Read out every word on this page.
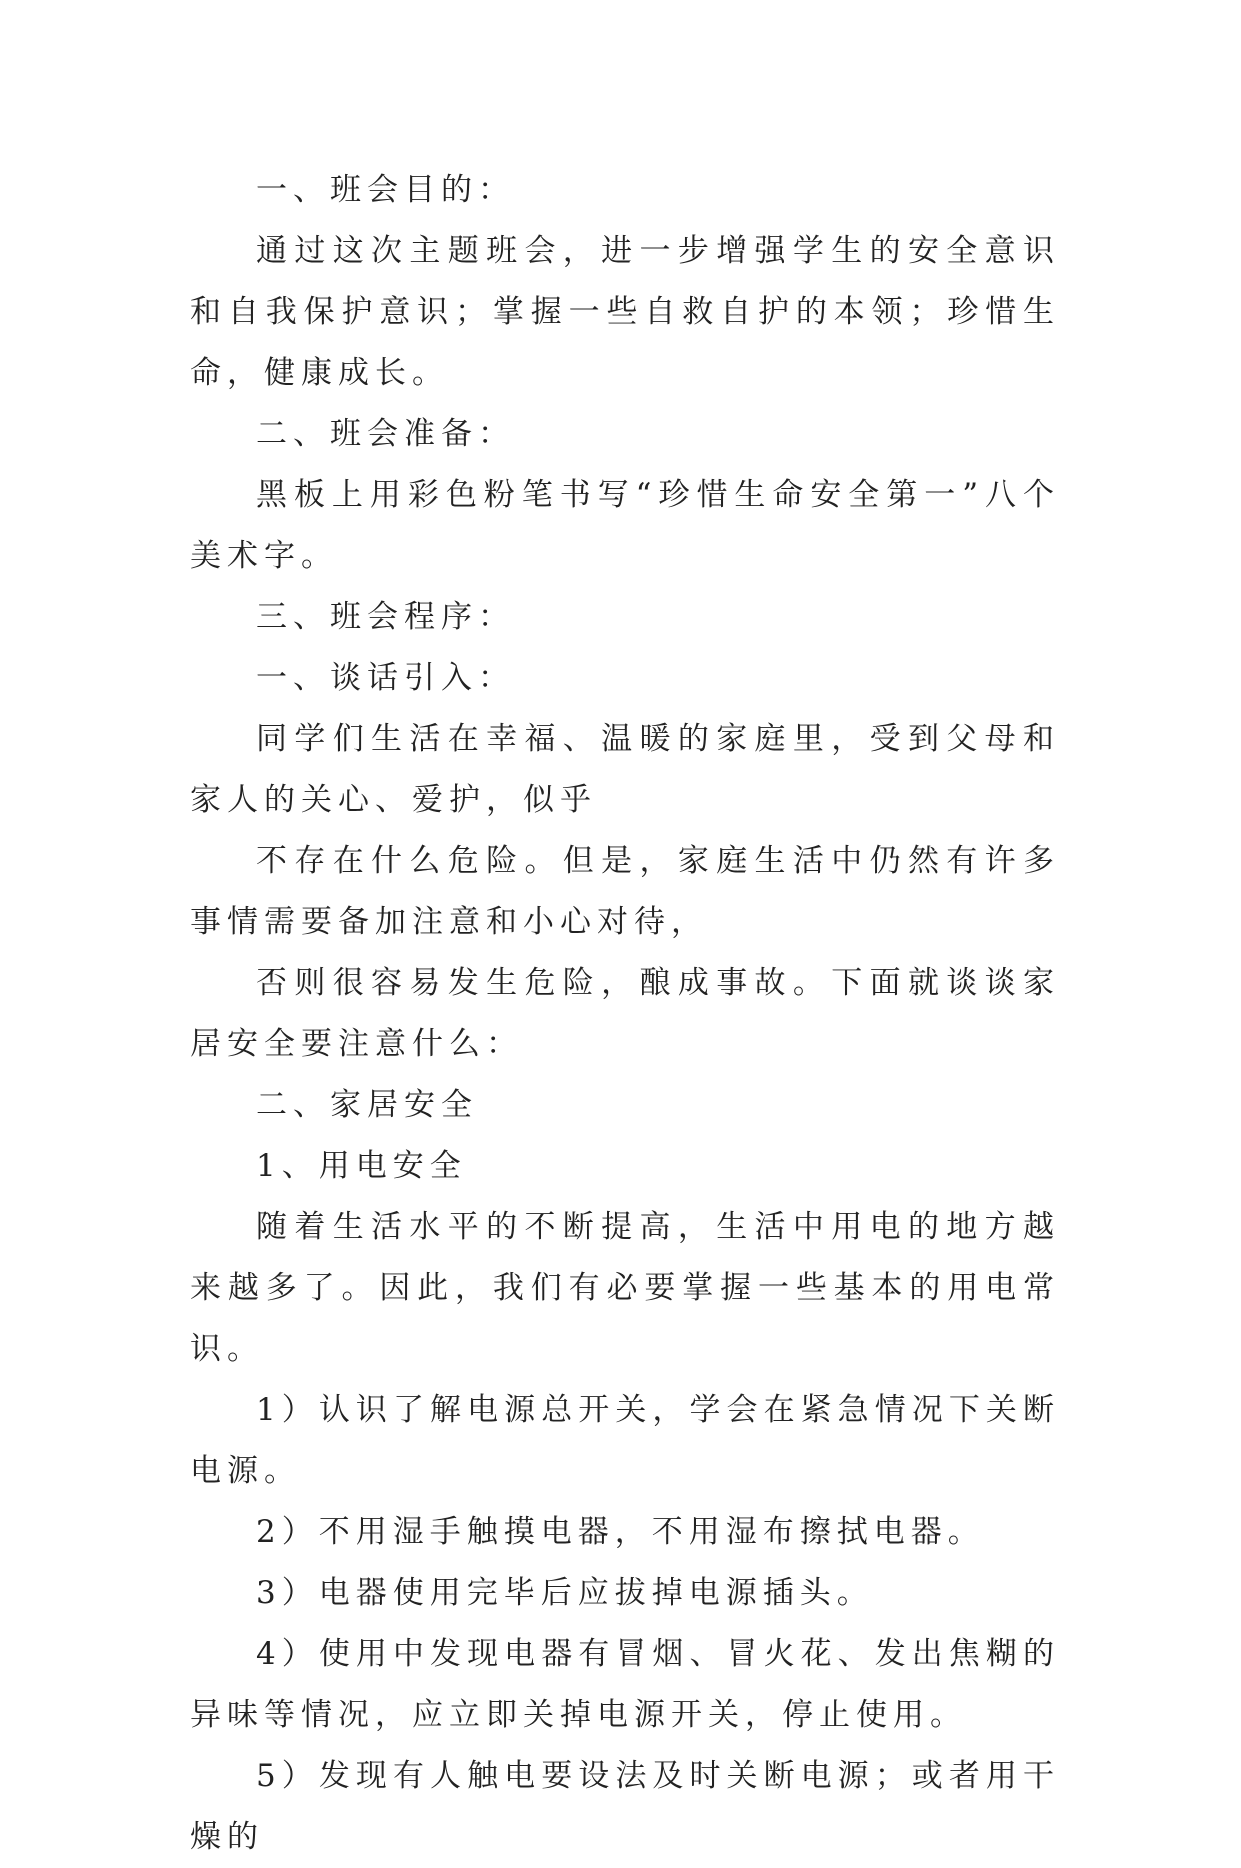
一、班会目的：

通过这次主题班会，进一步增强学生的安全意识和自我保护意识；掌握一些自救自护的本领；珍惜生命，健康成长。

二、班会准备：

黑板上用彩色粉笔书写“珍惜生命安全第一”八个美术字。

三、班会程序：

一、谈话引入：

同学们生活在幸福、温暖的家庭里，受到父母和家人的关心、爱护，似乎

不存在什么危险。但是，家庭生活中仍然有许多事情需要备加注意和小心对待，

否则很容易发生危险，酿成事故。下面就谈谈家居安全要注意什么：

二、家居安全

1、用电安全

随着生活水平的不断提高，生活中用电的地方越来越多了。因此，我们有必要掌握一些基本的用电常识。

1）认识了解电源总开关，学会在紧急情况下关断电源。

2）不用湿手触摸电器，不用湿布擦拭电器。

3）电器使用完毕后应拔掉电源插头。

4）使用中发现电器有冒烟、冒火花、发出焦糊的异味等情况，应立即关掉电源开关，停止使用。

5）发现有人触电要设法及时关断电源；或者用干燥的
